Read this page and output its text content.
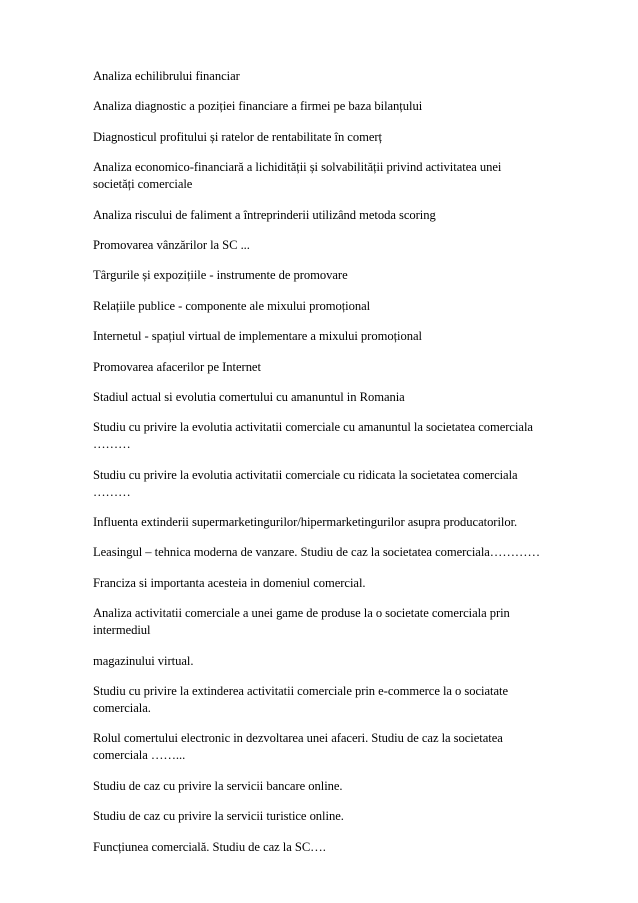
Analiza echilibrului financiar
Analiza diagnostic a poziției financiare a firmei pe baza bilanțului
Diagnosticul profitului și ratelor de rentabilitate în comerț
Analiza economico-financiară a lichidității și solvabilității privind activitatea unei
societăți comerciale
Analiza riscului de faliment a întreprinderii utilizând metoda scoring
Promovarea vânzărilor la SC ...
Târgurile și expozițiile - instrumente de promovare
Relațiile publice - componente ale mixului promoțional
Internetul - spațiul virtual de implementare a mixului promoțional
Promovarea afacerilor pe Internet
Stadiul actual si evolutia comertului cu amanuntul in Romania
Studiu cu privire la evolutia activitatii comerciale cu amanuntul la societatea comerciala
………
Studiu cu privire la evolutia activitatii comerciale cu ridicata la societatea comerciala
………
Influenta extinderii supermarketingurilor/hipermarketingurilor asupra producatorilor.
Leasingul – tehnica moderna de vanzare. Studiu de caz la societatea comerciala…………
Franciza si importanta acesteia in domeniul comercial.
Analiza activitatii comerciale a unei game de produse la o societate comerciala prin
intermediul
magazinului virtual.
Studiu cu privire la extinderea activitatii comerciale prin e-commerce la o sociatate
comerciala.
Rolul comertului electronic in dezvoltarea unei afaceri. Studiu de caz la societatea
comerciala ……...
Studiu de caz cu privire la servicii bancare online.
Studiu de caz cu privire la servicii turistice online.
Funcțiunea comercială. Studiu de caz la SC….
